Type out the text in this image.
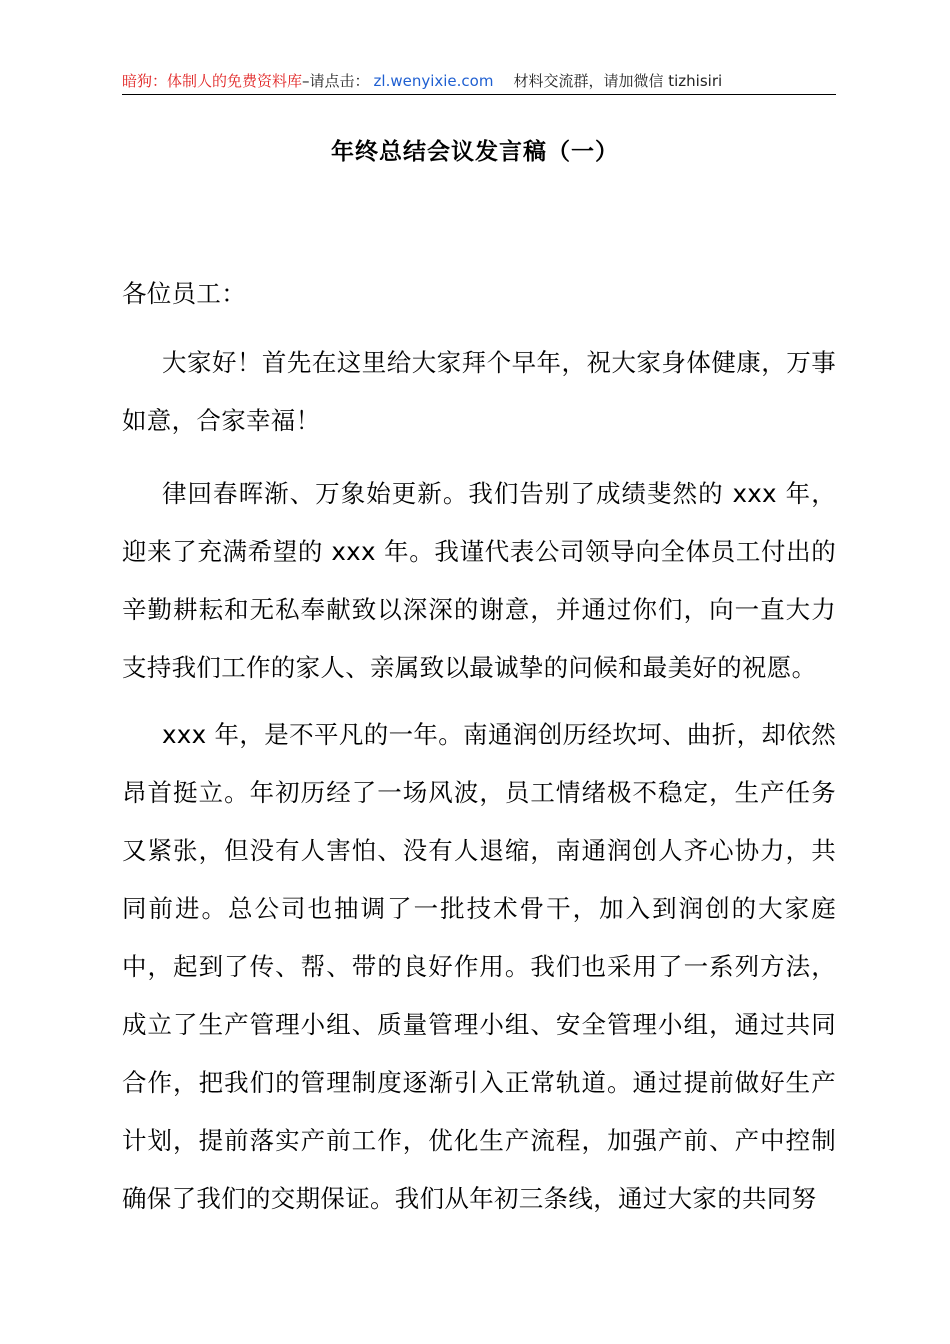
暗狗：体制人的免费资料库–请点击： zl.wenyixie.com 材料交流群，请加微信 tizhisiri
年终总结会议发言稿（一）
各位员工：

大家好！首先在这里给大家拜个早年，祝大家身体健康，万事如意，合家幸福！

律回春晖渐、万象始更新。我们告别了成绩斐然的 xxx 年，迎来了充满希望的 xxx 年。我谨代表公司领导向全体员工付出的辛勤耕耘和无私奉献致以深深的谢意，并通过你们，向一直大力支持我们工作的家人、亲属致以最诚挚的问候和最美好的祝愿。

xxx 年，是不平凡的一年。南通润创历经坎坷、曲折，却依然昂首挺立。年初历经了一场风波，员工情绪极不稳定，生产任务又紧张，但没有人害怕、没有人退缩，南通润创人齐心协力，共同前进。总公司也抽调了一批技术骨干，加入到润创的大家庭中，起到了传、帮、带的良好作用。我们也采用了一系列方法，成立了生产管理小组、质量管理小组、安全管理小组，通过共同合作，把我们的管理制度逐渐引入正常轨道。通过提前做好生产计划，提前落实产前工作，优化生产流程，加强产前、产中控制确保了我们的交期保证。我们从年初三条线，通过大家的共同努
